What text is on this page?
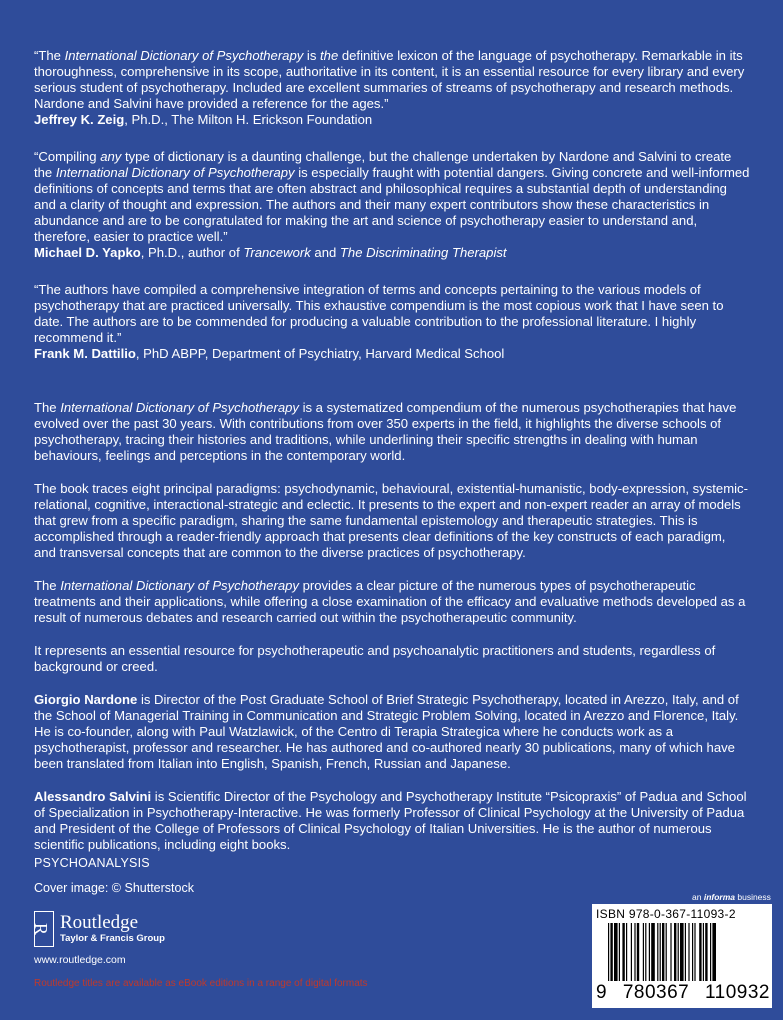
“The International Dictionary of Psychotherapy is the definitive lexicon of the language of psychotherapy. Remarkable in its thoroughness, comprehensive in its scope, authoritative in its content, it is an essential resource for every library and every serious student of psychotherapy. Included are excellent summaries of streams of psychotherapy and research methods. Nardone and Salvini have provided a reference for the ages.”

Jeffrey K. Zeig, Ph.D., The Milton H. Erickson Foundation

“Compiling any type of dictionary is a daunting challenge, but the challenge undertaken by Nardone and Salvini to create the International Dictionary of Psychotherapy is especially fraught with potential dangers. Giving concrete and well-informed definitions of concepts and terms that are often abstract and philosophical requires a substantial depth of understanding and a clarity of thought and expression. The authors and their many expert contributors show these characteristics in abundance and are to be congratulated for making the art and science of psychotherapy easier to understand and, therefore, easier to practice well.”

Michael D. Yapko, Ph.D., author of Trancework and The Discriminating Therapist

“The authors have compiled a comprehensive integration of terms and concepts pertaining to the various models of psychotherapy that are practiced universally. This exhaustive compendium is the most copious work that I have seen to date. The authors are to be commended for producing a valuable contribution to the professional literature. I highly recommend it.”

Frank M. Dattilio, PhD ABPP, Department of Psychiatry, Harvard Medical School

The International Dictionary of Psychotherapy is a systematized compendium of the numerous psychotherapies that have evolved over the past 30 years. With contributions from over 350 experts in the field, it highlights the diverse schools of psychotherapy, tracing their histories and traditions, while underlining their specific strengths in dealing with human behaviours, feelings and perceptions in the contemporary world.

The book traces eight principal paradigms: psychodynamic, behavioural, existential-humanistic, body-expression, systemic-relational, cognitive, interactional-strategic and eclectic. It presents to the expert and non-expert reader an array of models that grew from a specific paradigm, sharing the same fundamental epistemology and therapeutic strategies. This is accomplished through a reader-friendly approach that presents clear definitions of the key constructs of each paradigm, and transversal concepts that are common to the diverse practices of psychotherapy.

The International Dictionary of Psychotherapy provides a clear picture of the numerous types of psychotherapeutic treatments and their applications, while offering a close examination of the efficacy and evaluative methods developed as a result of numerous debates and research carried out within the psychotherapeutic community.

It represents an essential resource for psychotherapeutic and psychoanalytic practitioners and students, regardless of background or creed.

Giorgio Nardone is Director of the Post Graduate School of Brief Strategic Psychotherapy, located in Arezzo, Italy, and of the School of Managerial Training in Communication and Strategic Problem Solving, located in Arezzo and Florence, Italy. He is co-founder, along with Paul Watzlawick, of the Centro di Terapia Strategica where he conducts work as a psychotherapist, professor and researcher. He has authored and co-authored nearly 30 publications, many of which have been translated from Italian into English, Spanish, French, Russian and Japanese.

Alessandro Salvini is Scientific Director of the Psychology and Psychotherapy Institute “Psicopraxis” of Padua and School of Specialization in Psychotherapy-Interactive. He was formerly Professor of Clinical Psychology at the University of Padua and President of the College of Professors of Clinical Psychology of Italian Universities. He is the author of numerous scientific publications, including eight books.

PSYCHOANALYSIS
Cover image: © Shutterstock
R Routledge
Taylor & Francis Group
www.routledge.com
Routledge titles are available as eBook editions in a range of digital formats
an informa business
ISBN 978-0-367-11093-2
9 780367 110932
